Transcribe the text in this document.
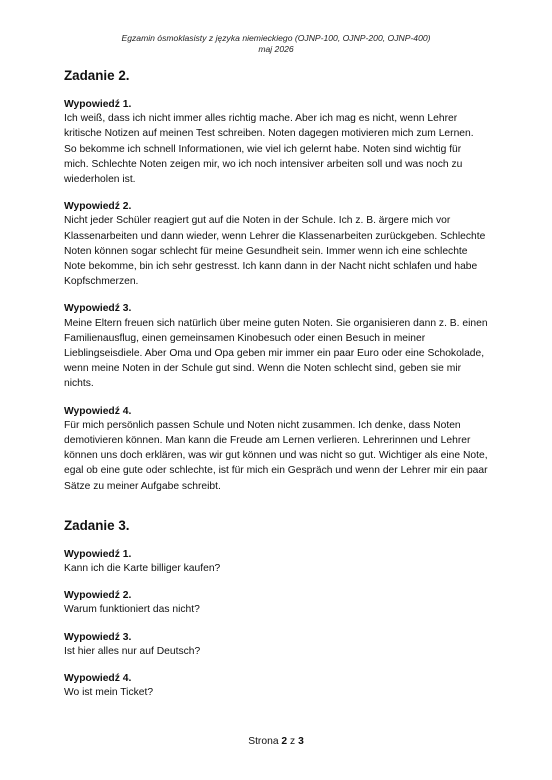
Egzamin ósmoklasisty z języka niemieckiego (OJNP-100, OJNP-200, OJNP-400)
maj 2026
Zadanie 2.
Wypowiedź 1.
Ich weiß, dass ich nicht immer alles richtig mache. Aber ich mag es nicht, wenn Lehrer
kritische Notizen auf meinen Test schreiben. Noten dagegen motivieren mich zum Lernen.
So bekomme ich schnell Informationen, wie viel ich gelernt habe. Noten sind wichtig für
mich. Schlechte Noten zeigen mir, wo ich noch intensiver arbeiten soll und was noch zu
wiederholen ist.
Wypowiedź 2.
Nicht jeder Schüler reagiert gut auf die Noten in der Schule. Ich z. B. ärgere mich vor
Klassenarbeiten und dann wieder, wenn Lehrer die Klassenarbeiten zurückgeben. Schlechte
Noten können sogar schlecht für meine Gesundheit sein. Immer wenn ich eine schlechte
Note bekomme, bin ich sehr gestresst. Ich kann dann in der Nacht nicht schlafen und habe
Kopfschmerzen.
Wypowiedź 3.
Meine Eltern freuen sich natürlich über meine guten Noten. Sie organisieren dann z. B. einen
Familienausflug, einen gemeinsamen Kinobesuch oder einen Besuch in meiner
Lieblingseisdiele. Aber Oma und Opa geben mir immer ein paar Euro oder eine Schokolade,
wenn meine Noten in der Schule gut sind. Wenn die Noten schlecht sind, geben sie mir
nichts.
Wypowiedź 4.
Für mich persönlich passen Schule und Noten nicht zusammen. Ich denke, dass Noten
demotivieren können. Man kann die Freude am Lernen verlieren. Lehrerinnen und Lehrer
können uns doch erklären, was wir gut können und was nicht so gut. Wichtiger als eine Note,
egal ob eine gute oder schlechte, ist für mich ein Gespräch und wenn der Lehrer mir ein paar
Sätze zu meiner Aufgabe schreibt.
Zadanie 3.
Wypowiedź 1.
Kann ich die Karte billiger kaufen?
Wypowiedź 2.
Warum funktioniert das nicht?
Wypowiedź 3.
Ist hier alles nur auf Deutsch?
Wypowiedź 4.
Wo ist mein Ticket?
Strona 2 z 3
